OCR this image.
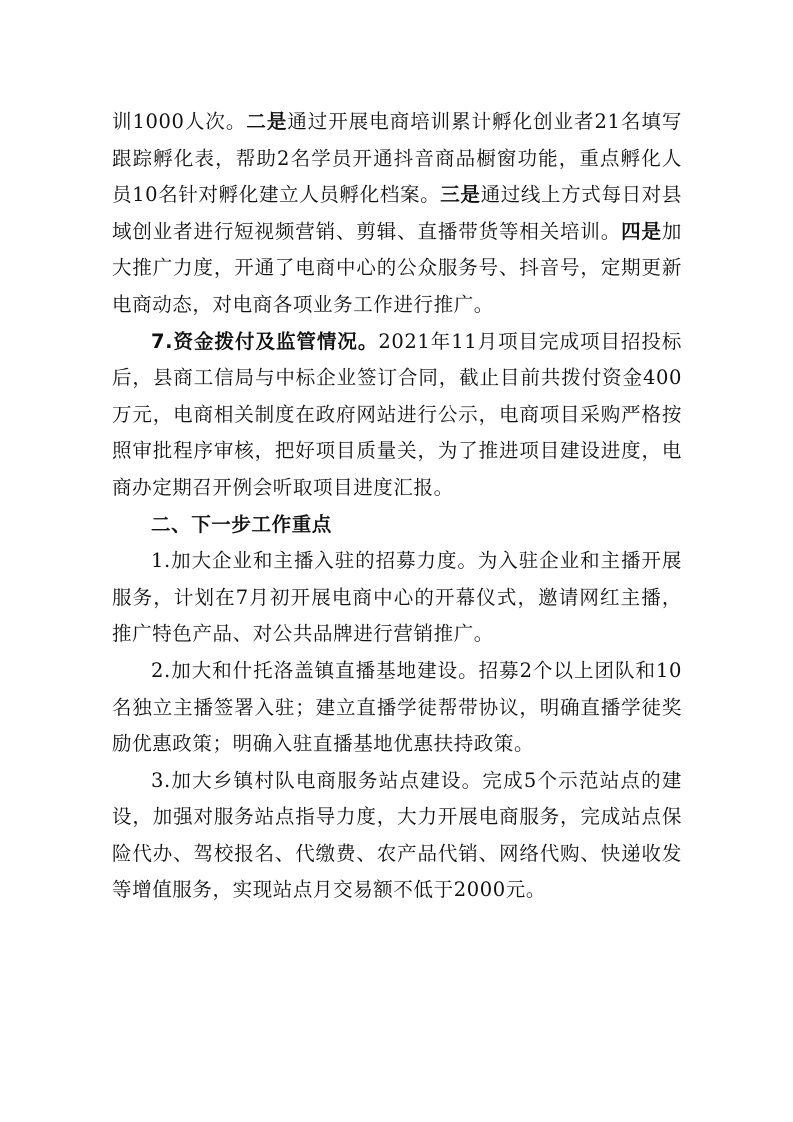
训1000人次。二是通过开展电商培训累计孵化创业者21名填写跟踪孵化表，帮助2名学员开通抖音商品橱窗功能，重点孵化人员10名针对孵化建立人员孵化档案。三是通过线上方式每日对县域创业者进行短视频营销、剪辑、直播带货等相关培训。四是加大推广力度，开通了电商中心的公众服务号、抖音号，定期更新电商动态，对电商各项业务工作进行推广。

7.资金拨付及监管情况。2021年11月项目完成项目招投标后，县商工信局与中标企业签订合同，截止目前共拨付资金400万元，电商相关制度在政府网站进行公示，电商项目采购严格按照审批程序审核，把好项目质量关，为了推进项目建设进度，电商办定期召开例会听取项目进度汇报。

二、下一步工作重点

1.加大企业和主播入驻的招募力度。为入驻企业和主播开展服务，计划在7月初开展电商中心的开幕仪式，邀请网红主播，推广特色产品、对公共品牌进行营销推广。

2.加大和什托洛盖镇直播基地建设。招募2个以上团队和10名独立主播签署入驻；建立直播学徒帮带协议，明确直播学徒奖励优惠政策；明确入驻直播基地优惠扶持政策。

3.加大乡镇村队电商服务站点建设。完成5个示范站点的建设，加强对服务站点指导力度，大力开展电商服务，完成站点保险代办、驾校报名、代缴费、农产品代销、网络代购、快递收发等增值服务，实现站点月交易额不低于2000元。
